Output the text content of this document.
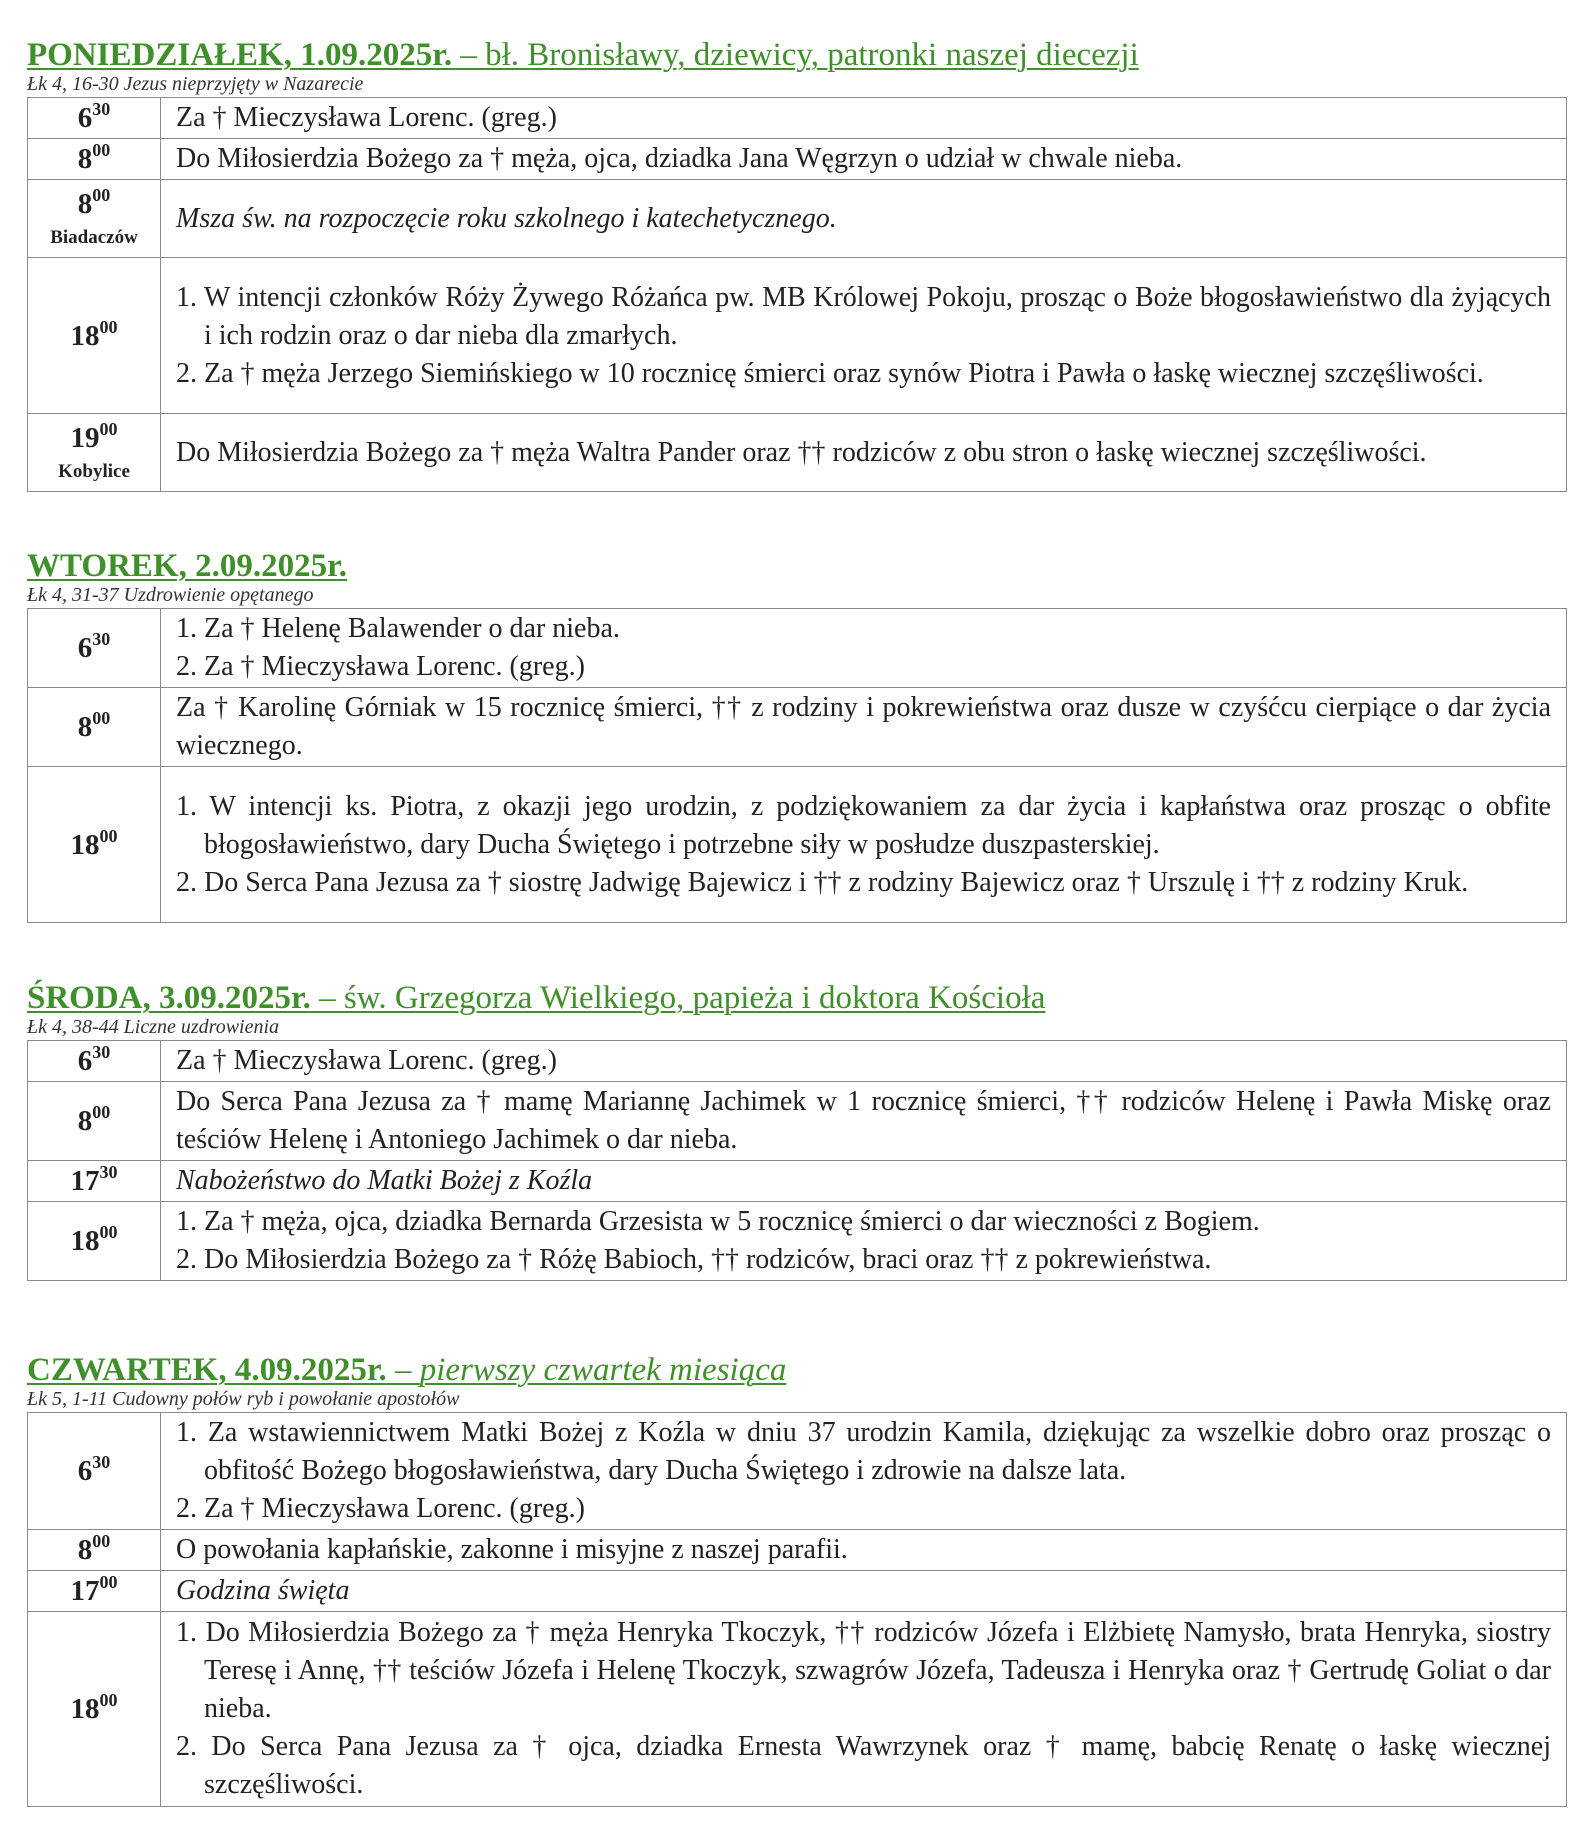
PONIEDZIAŁEK, 1.09.2025r. – bł. Bronisławy, dziewicy, patronki naszej diecezji
Łk 4, 16-30 Jezus nieprzyjęty w Nazarecie
$6^{30}$	Za † Mieczysława Lorenc. (greg.)

$8^{00}$	Do Miłosierdzia Bożego za † męża, ojca, dziadka Jana Węgrzyn o udział w chwale nieba.

$8^{00}$
Biadaczów	Msza św. na rozpoczęcie roku szkolnego i katechetycznego.

$18^{00}$	1. W intencji członków Róży Żywego Różańca pw. MB Królowej Pokoju, prosząc o Boże błogosławieństwo dla żyjących i ich rodzin oraz o dar nieba dla zmarłych.
2. Za † męża Jerzego Siemińskiego w 10 rocznicę śmierci oraz synów Piotra i Pawła o łaskę wiecznej szczęśliwości.

$19^{00}$
Kobylice	Do Miłosierdzia Bożego za † męża Waltra Pander oraz †† rodziców z obu stron o łaskę wiecznej szczęśliwości.
WTOREK, 2.09.2025r.
Łk 4, 31-37 Uzdrowienie opętanego
$6^{30}$	1. Za † Helenę Balawender o dar nieba.
2. Za † Mieczysława Lorenc. (greg.)

$8^{00}$	Za † Karolinę Górniak w 15 rocznicę śmierci, †† z rodziny i pokrewieństwa oraz dusze w czyśćcu cierpiące o dar życia wiecznego.

$18^{00}$	1. W intencji ks. Piotra, z okazji jego urodzin, z podziękowaniem za dar życia i kapłaństwa oraz prosząc o obfite błogosławieństwo, dary Ducha Świętego i potrzebne siły w posłudze duszpasterskiej.
2. Do Serca Pana Jezusa za † siostrę Jadwigę Bajewicz i †† z rodziny Bajewicz oraz † Urszulę i †† z rodziny Kruk.
ŚRODA, 3.09.2025r. – św. Grzegorza Wielkiego, papieża i doktora Kościoła
Łk 4, 38-44 Liczne uzdrowienia
$6^{30}$	Za † Mieczysława Lorenc. (greg.)

$8^{00}$	Do Serca Pana Jezusa za † mamę Mariannę Jachimek w 1 rocznicę śmierci, †† rodziców Helenę i Pawła Miskę oraz teściów Helenę i Antoniego Jachimek o dar nieba.

$17^{30}$	Nabożeństwo do Matki Bożej z Koźla

$18^{00}$	1. Za † męża, ojca, dziadka Bernarda Grzesista w 5 rocznicę śmierci o dar wieczności z Bogiem.
2. Do Miłosierdzia Bożego za † Różę Babioch, †† rodziców, braci oraz †† z pokrewieństwa.
CZWARTEK, 4.09.2025r. – pierwszy czwartek miesiąca
Łk 5, 1-11 Cudowny połów ryb i powołanie apostołów
$6^{30}$	1. Za wstawiennictwem Matki Bożej z Koźla w dniu 37 urodzin Kamila, dziękując za wszelkie dobro oraz prosząc o obfitość Bożego błogosławieństwa, dary Ducha Świętego i zdrowie na dalsze lata.
2. Za † Mieczysława Lorenc. (greg.)

$8^{00}$	O powołania kapłańskie, zakonne i misyjne z naszej parafii.

$17^{00}$	Godzina święta

$18^{00}$	1. Do Miłosierdzia Bożego za † męża Henryka Tkoczyk, †† rodziców Józefa i Elżbietę Namysło, brata Henryka, siostry Teresę i Annę, †† teściów Józefa i Helenę Tkoczyk, szwagrów Józefa, Tadeusza i Henryka oraz † Gertrudę Goliat o dar nieba.
2. Do Serca Pana Jezusa za † ojca, dziadka Ernesta Wawrzynek oraz † mamę, babcię Renatę o łaskę wiecznej szczęśliwości.
